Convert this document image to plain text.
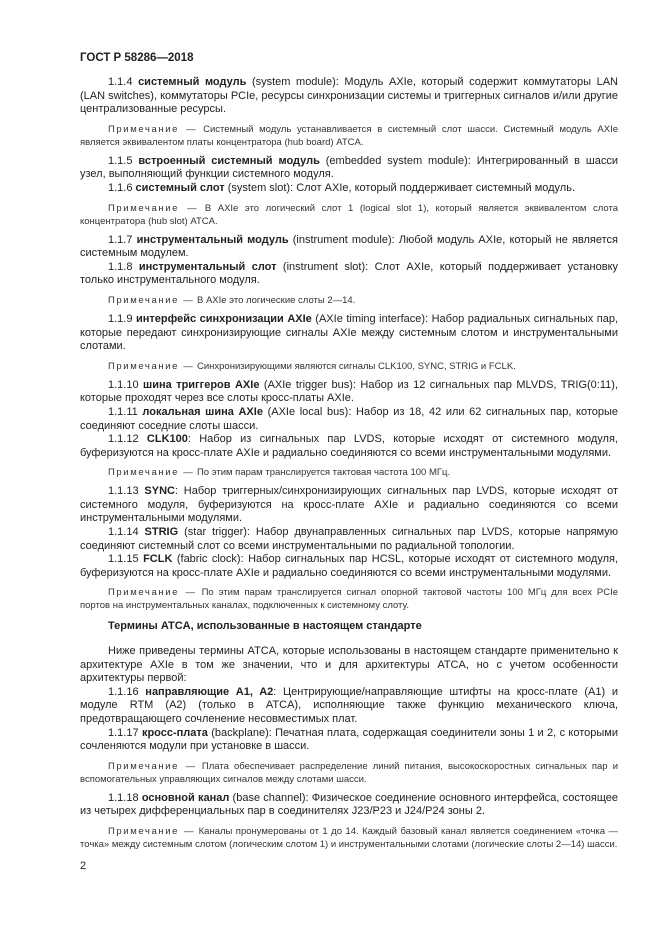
ГОСТ Р 58286—2018

1.1.4 системный модуль (system module): Модуль AXIe, который содержит коммутаторы LAN (LAN switches), коммутаторы PCIe, ресурсы синхронизации системы и триггерных сигналов и/или другие централизованные ресурсы.

Примечание — Системный модуль устанавливается в системный слот шасси. Системный модуль AXIe является эквивалентом платы концентратора (hub board) ATCA.

1.1.5 встроенный системный модуль (embedded system module): Интегрированный в шасси узел, выполняющий функции системного модуля.

1.1.6 системный слот (system slot): Слот AXIe, который поддерживает системный модуль.

Примечание — В AXIe это логический слот 1 (logical slot 1), который является эквивалентом слота концентратора (hub slot) ATCA.

1.1.7 инструментальный модуль (instrument module): Любой модуль AXIe, который не является системным модулем.

1.1.8 инструментальный слот (instrument slot): Слот AXIe, который поддерживает установку только инструментального модуля.

Примечание — В AXIe это логические слоты 2—14.

1.1.9 интерфейс синхронизации AXIe (AXIe timing interface): Набор радиальных сигнальных пар, которые передают синхронизирующие сигналы AXIe между системным слотом и инструментальными слотами.

Примечание — Синхронизирующими являются сигналы CLK100, SYNC, STRIG и FCLK.

1.1.10 шина триггеров AXIe (AXIe trigger bus): Набор из 12 сигнальных пар MLVDS, TRIG(0:11), которые проходят через все слоты кросс-платы AXIe.

1.1.11 локальная шина AXIe (AXIe local bus): Набор из 18, 42 или 62 сигнальных пар, которые соединяют соседние слоты шасси.

1.1.12 CLK100: Набор из сигнальных пар LVDS, которые исходят от системного модуля, буферизуются на кросс-плате AXIe и радиально соединяются со всеми инструментальными модулями.

Примечание — По этим парам транслируется тактовая частота 100 МГц.

1.1.13 SYNC: Набор триггерных/синхронизирующих сигнальных пар LVDS, которые исходят от системного модуля, буферизуются на кросс-плате AXIe и радиально соединяются со всеми инструментальными модулями.

1.1.14 STRIG (star trigger): Набор двунаправленных сигнальных пар LVDS, которые напрямую соединяют системный слот со всеми инструментальными по радиальной топологии.

1.1.15 FCLK (fabric clock): Набор сигнальных пар HCSL, которые исходят от системного модуля, буферизуются на кросс-плате AXIe и радиально соединяются со всеми инструментальными модулями.

Примечание — По этим парам транслируется сигнал опорной тактовой частоты 100 МГц для всех PCIe портов на инструментальных каналах, подключенных к системному слоту.

Термины ATCA, использованные в настоящем стандарте

Ниже приведены термины ATCA, которые использованы в настоящем стандарте применительно к архитектуре AXIe в том же значении, что и для архитектуры ATCA, но с учетом особенности архитектуры первой:

1.1.16 направляющие A1, A2: Центрирующие/направляющие штифты на кросс-плате (A1) и модуле RTM (A2) (только в ATCA), исполняющие также функцию механического ключа, предотвращающего сочленение несовместимых плат.

1.1.17 кросс-плата (backplane): Печатная плата, содержащая соединители зоны 1 и 2, с которыми сочленяются модули при установке в шасси.

Примечание — Плата обеспечивает распределение линий питания, высокоскоростных сигнальных пар и вспомогательных управляющих сигналов между слотами шасси.

1.1.18 основной канал (base channel): Физическое соединение основного интерфейса, состоящее из четырех дифференциальных пар в соединителях J23/P23 и J24/P24 зоны 2.

Примечание — Каналы пронумерованы от 1 до 14. Каждый базовый канал является соединением «точка — точка» между системным слотом (логическим слотом 1) и инструментальными слотами (логические слоты 2—14) шасси.

2
